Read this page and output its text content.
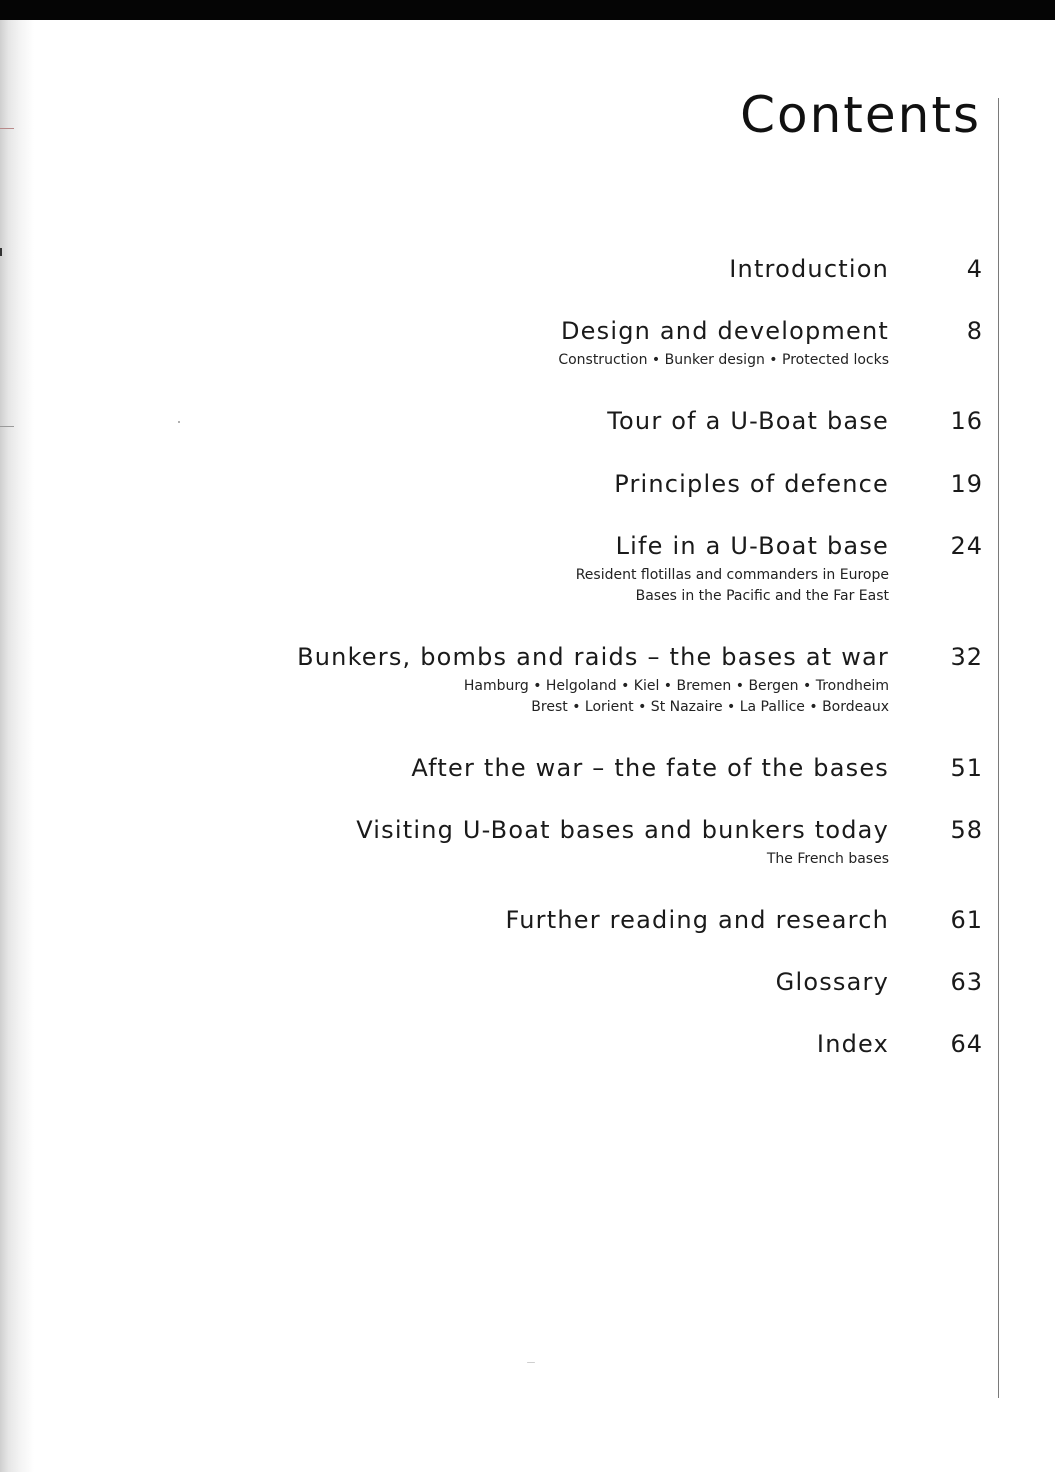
Contents
Introduction	4
Design and development	8
Construction • Bunker design • Protected locks
Tour of a U-Boat base	16
Principles of defence	19
Life in a U-Boat base	24
Resident flotillas and commanders in Europe
Bases in the Pacific and the Far East
Bunkers, bombs and raids – the bases at war	32
Hamburg • Helgoland • Kiel • Bremen • Bergen • Trondheim
Brest • Lorient • St Nazaire • La Pallice • Bordeaux
After the war – the fate of the bases	51
Visiting U-Boat bases and bunkers today	58
The French bases
Further reading and research	61
Glossary	63
Index	64
